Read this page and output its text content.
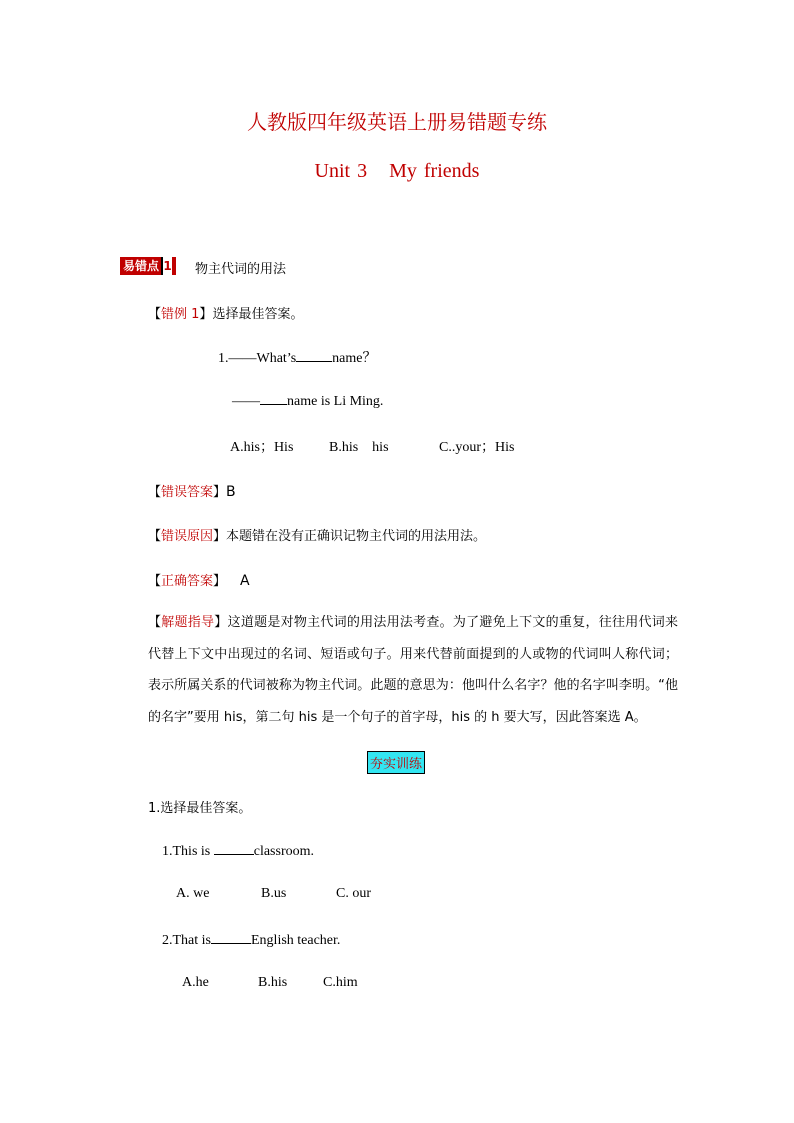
人教版四年级英语上册易错题专练
Unit 3 My friends
易错点 1	物主代词的用法
【错例 1】选择最佳答案。
1.——What’s	name？
—— name is Li Ming.
A.his；His	B.his　his	C..your；His
【错误答案】B
【错误原因】本题错在没有正确识记物主代词的用法用法。
【正确答案】 A
【解题指导】这道题是对物主代词的用法用法考查。为了避免上下文的重复，往往用代词来代替上下文中出现过的名词、短语或句子。用来代替前面提到的人或物的代词叫人称代词；表示所属关系的代词被称为物主代词。此题的意思为：他叫什么名字？他的名字叫李明。“他的名字”要用 his，第二句 his 是一个句子的首字母，his 的 h 要大写，因此答案选 A。
夯实训练
1.选择最佳答案。
1.This is	classroom.
A. we	B.us	C. our
2.That is	English teacher.
A.he	B.his	C.him
